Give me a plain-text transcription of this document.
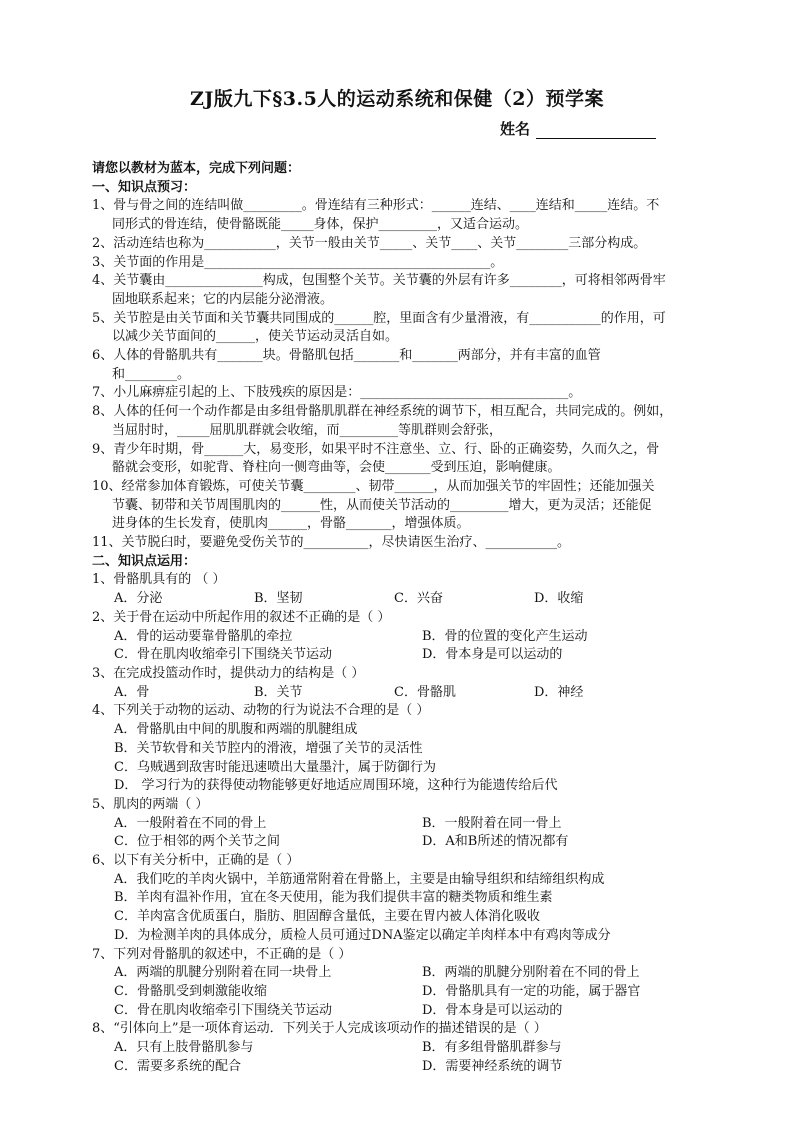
ZJ版九下§3.5人的运动系统和保健（2）预学案
姓名
请您以教材为蓝本，完成下列问题：
一、知识点预习：
1、骨与骨之间的连结叫做_________。骨连结有三种形式：______连结、____连结和_____连结。不
同形式的骨连结，使骨骼既能_____身体，保护_________，又适合运动。
2、活动连结也称为___________，关节一般由关节_____、关节____、关节________三部分构成。
3、关节面的作用是____________________________________________。
4、关节囊由_______________构成，包围整个关节。关节囊的外层有许多________，可将相邻两骨牢
固地联系起来；它的内层能分泌滑液。
5、关节腔是由关节面和关节囊共同围成的______腔，里面含有少量滑液，有___________的作用，可
以减少关节面间的______，使关节运动灵活自如。
6、人体的骨骼肌共有_______块。骨骼肌包括_______和_______两部分，并有丰富的血管
和________。
7、小儿麻痹症引起的上、下肢残疾的原因是：________________________________。
8、人体的任何一个动作都是由多组骨骼肌肌群在神经系统的调节下，相互配合，共同完成的。例如，
当屈肘时，_____屈肌肌群就会收缩，而_________等肌群则会舒张，
9、青少年时期，骨______大，易变形，如果平时不注意坐、立、行、卧的正确姿势，久而久之，骨
骼就会变形，如驼背、脊柱向一侧弯曲等，会使_______受到压迫，影响健康。
10、经常参加体育锻炼，可使关节囊________、韧带______，从而加强关节的牢固性；还能加强关
节囊、韧带和关节周围肌肉的______性，从而使关节活动的_________增大，更为灵活；还能促
进身体的生长发育，使肌肉______，骨骼_______，增强体质。
11、关节脱臼时，要避免受伤关节的__________，尽快请医生治疗、___________。
二、知识点运用：
1、骨骼肌具有的 （ ）
A．分泌	B．坚韧	C．兴奋	D．收缩
2、关于骨在运动中所起作用的叙述不正确的是（ ）
A．骨的运动要靠骨骼肌的牵拉	B．骨的位置的变化产生运动
C．骨在肌肉收缩牵引下围绕关节运动	D．骨本身是可以运动的
3、在完成投篮动作时，提供动力的结构是（ ）
A．骨	B．关节	C．骨骼肌	D．神经
4、下列关于动物的运动、动物的行为说法不合理的是（ ）
A．骨骼肌由中间的肌腹和两端的肌腱组成
B．关节软骨和关节腔内的滑液，增强了关节的灵活性
C．乌贼遇到敌害时能迅速喷出大量墨汁，属于防御行为
D． 学习行为的获得使动物能够更好地适应周围环境，这种行为能遗传给后代
5、肌肉的两端（ ）
A．一般附着在不同的骨上	B．一般附着在同一骨上
C．位于相邻的两个关节之间	D．A和B所述的情况都有
6、以下有关分析中，正确的是（ ）
A．我们吃的羊肉火锅中，羊筋通常附着在骨骼上，主要是由输导组织和结缔组织构成
B．羊肉有温补作用，宜在冬天使用，能为我们提供丰富的糖类物质和维生素
C．羊肉富含优质蛋白，脂肪、胆固醇含量低，主要在胃内被人体消化吸收
D．为检测羊肉的具体成分，质检人员可通过DNA鉴定以确定羊肉样本中有鸡肉等成分
7、下列对骨骼肌的叙述中，不正确的是（ ）
A．两端的肌腱分别附着在同一块骨上	B．两端的肌腱分别附着在不同的骨上
C．骨骼肌受到刺激能收缩	D．骨骼肌具有一定的功能，属于器官
C．骨在肌肉收缩牵引下围绕关节运动	D．骨本身是可以运动的
8、“引体向上”是一项体育运动．下列关于人完成该项动作的描述错误的是（ ）
A．只有上肢骨骼肌参与	B．有多组骨骼肌群参与
C．需要多系统的配合	D．需要神经系统的调节
